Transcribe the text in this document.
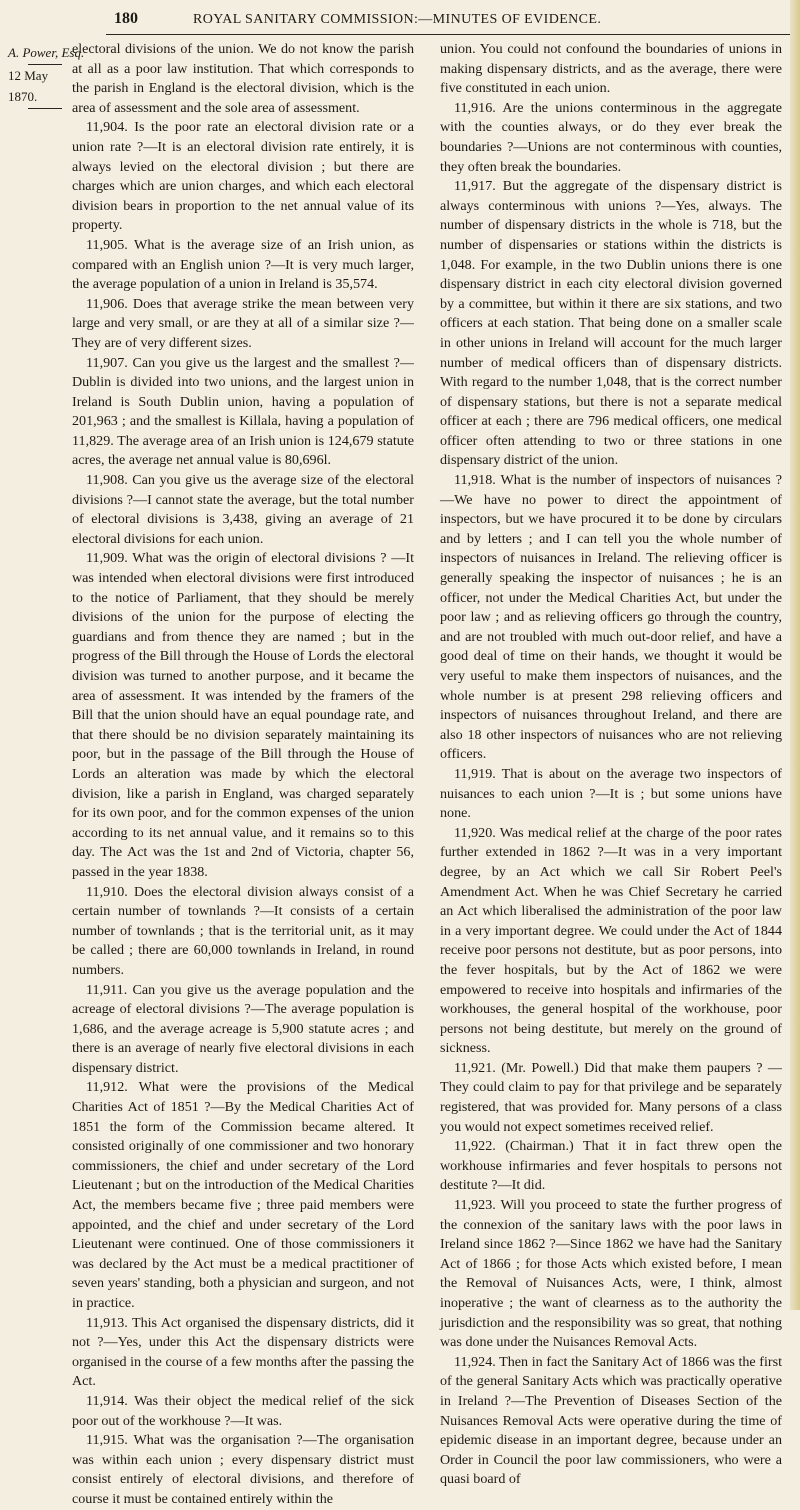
180	ROYAL SANITARY COMMISSION:—MINUTES OF EVIDENCE.
A. Power, Esq.
12 May 1870.

electoral divisions of the union. We do not know the parish at all as a poor law institution. That which corresponds to the parish in England is the electoral division, which is the area of assessment and the sole area of assessment.

11,904. Is the poor rate an electoral division rate or a union rate ?—It is an electoral division rate entirely, it is always levied on the electoral division ; but there are charges which are union charges, and which each electoral division bears in proportion to the net annual value of its property.

11,905. What is the average size of an Irish union, as compared with an English union ?—It is very much larger, the average population of a union in Ireland is 35,574.

11,906. Does that average strike the mean between very large and very small, or are they at all of a similar size ?—They are of very different sizes.

11,907. Can you give us the largest and the smallest ?—Dublin is divided into two unions, and the largest union in Ireland is South Dublin union, having a population of 201,963 ; and the smallest is Killala, having a population of 11,829. The average area of an Irish union is 124,679 statute acres, the average net annual value is 80,696l.

11,908. Can you give us the average size of the electoral divisions ?—I cannot state the average, but the total number of electoral divisions is 3,438, giving an average of 21 electoral divisions for each union.

11,909. What was the origin of electoral divisions ? —It was intended when electoral divisions were first introduced to the notice of Parliament, that they should be merely divisions of the union for the purpose of electing the guardians and from thence they are named ; but in the progress of the Bill through the House of Lords the electoral division was turned to another purpose, and it became the area of assessment. It was intended by the framers of the Bill that the union should have an equal poundage rate, and that there should be no division separately maintaining its poor, but in the passage of the Bill through the House of Lords an alteration was made by which the electoral division, like a parish in England, was charged separately for its own poor, and for the common expenses of the union according to its net annual value, and it remains so to this day. The Act was the 1st and 2nd of Victoria, chapter 56, passed in the year 1838.

11,910. Does the electoral division always consist of a certain number of townlands ?—It consists of a certain number of townlands ; that is the territorial unit, as it may be called ; there are 60,000 townlands in Ireland, in round numbers.

11,911. Can you give us the average population and the acreage of electoral divisions ?—The average population is 1,686, and the average acreage is 5,900 statute acres ; and there is an average of nearly five electoral divisions in each dispensary district.

11,912. What were the provisions of the Medical Charities Act of 1851 ?—By the Medical Charities Act of 1851 the form of the Commission became altered. It consisted originally of one commissioner and two honorary commissioners, the chief and under secretary of the Lord Lieutenant ; but on the introduction of the Medical Charities Act, the members became five ; three paid members were appointed, and the chief and under secretary of the Lord Lieutenant were continued. One of those commissioners it was declared by the Act must be a medical practitioner of seven years' standing, both a physician and surgeon, and not in practice.

11,913. This Act organised the dispensary districts, did it not ?—Yes, under this Act the dispensary districts were organised in the course of a few months after the passing the Act.

11,914. Was their object the medical relief of the sick poor out of the workhouse ?—It was.

11,915. What was the organisation ?—The organisation was within each union ; every dispensary district must consist entirely of electoral divisions, and therefore of course it must be contained entirely within the

union. You could not confound the boundaries of unions in making dispensary districts, and as the average, there were five constituted in each union.

11,916. Are the unions conterminous in the aggregate with the counties always, or do they ever break the boundaries ?—Unions are not conterminous with counties, they often break the boundaries.

11,917. But the aggregate of the dispensary district is always conterminous with unions ?—Yes, always. The number of dispensary districts in the whole is 718, but the number of dispensaries or stations within the districts is 1,048. For example, in the two Dublin unions there is one dispensary district in each city electoral division governed by a committee, but within it there are six stations, and two officers at each station. That being done on a smaller scale in other unions in Ireland will account for the much larger number of medical officers than of dispensary districts. With regard to the number 1,048, that is the correct number of dispensary stations, but there is not a separate medical officer at each ; there are 796 medical officers, one medical officer often attending to two or three stations in one dispensary district of the union.

11,918. What is the number of inspectors of nuisances ?—We have no power to direct the appointment of inspectors, but we have procured it to be done by circulars and by letters ; and I can tell you the whole number of inspectors of nuisances in Ireland. The relieving officer is generally speaking the inspector of nuisances ; he is an officer, not under the Medical Charities Act, but under the poor law ; and as relieving officers go through the country, and are not troubled with much out-door relief, and have a good deal of time on their hands, we thought it would be very useful to make them inspectors of nuisances, and the whole number is at present 298 relieving officers and inspectors of nuisances throughout Ireland, and there are also 18 other inspectors of nuisances who are not relieving officers.

11,919. That is about on the average two inspectors of nuisances to each union ?—It is ; but some unions have none.

11,920. Was medical relief at the charge of the poor rates further extended in 1862 ?—It was in a very important degree, by an Act which we call Sir Robert Peel's Amendment Act. When he was Chief Secretary he carried an Act which liberalised the administration of the poor law in a very important degree. We could under the Act of 1844 receive poor persons not destitute, but as poor persons, into the fever hospitals, but by the Act of 1862 we were empowered to receive into hospitals and infirmaries of the workhouses, the general hospital of the workhouse, poor persons not being destitute, but merely on the ground of sickness.

11,921. (Mr. Powell.) Did that make them paupers ? —They could claim to pay for that privilege and be separately registered, that was provided for. Many persons of a class you would not expect sometimes received relief.

11,922. (Chairman.) That it in fact threw open the workhouse infirmaries and fever hospitals to persons not destitute ?—It did.

11,923. Will you proceed to state the further progress of the connexion of the sanitary laws with the poor laws in Ireland since 1862 ?—Since 1862 we have had the Sanitary Act of 1866 ; for those Acts which existed before, I mean the Removal of Nuisances Acts, were, I think, almost inoperative ; the want of clearness as to the authority the jurisdiction and the responsibility was so great, that nothing was done under the Nuisances Removal Acts.

11,924. Then in fact the Sanitary Act of 1866 was the first of the general Sanitary Acts which was practically operative in Ireland ?—The Prevention of Diseases Section of the Nuisances Removal Acts were operative during the time of epidemic disease in an important degree, because under an Order in Council the poor law commissioners, who were a quasi board of
